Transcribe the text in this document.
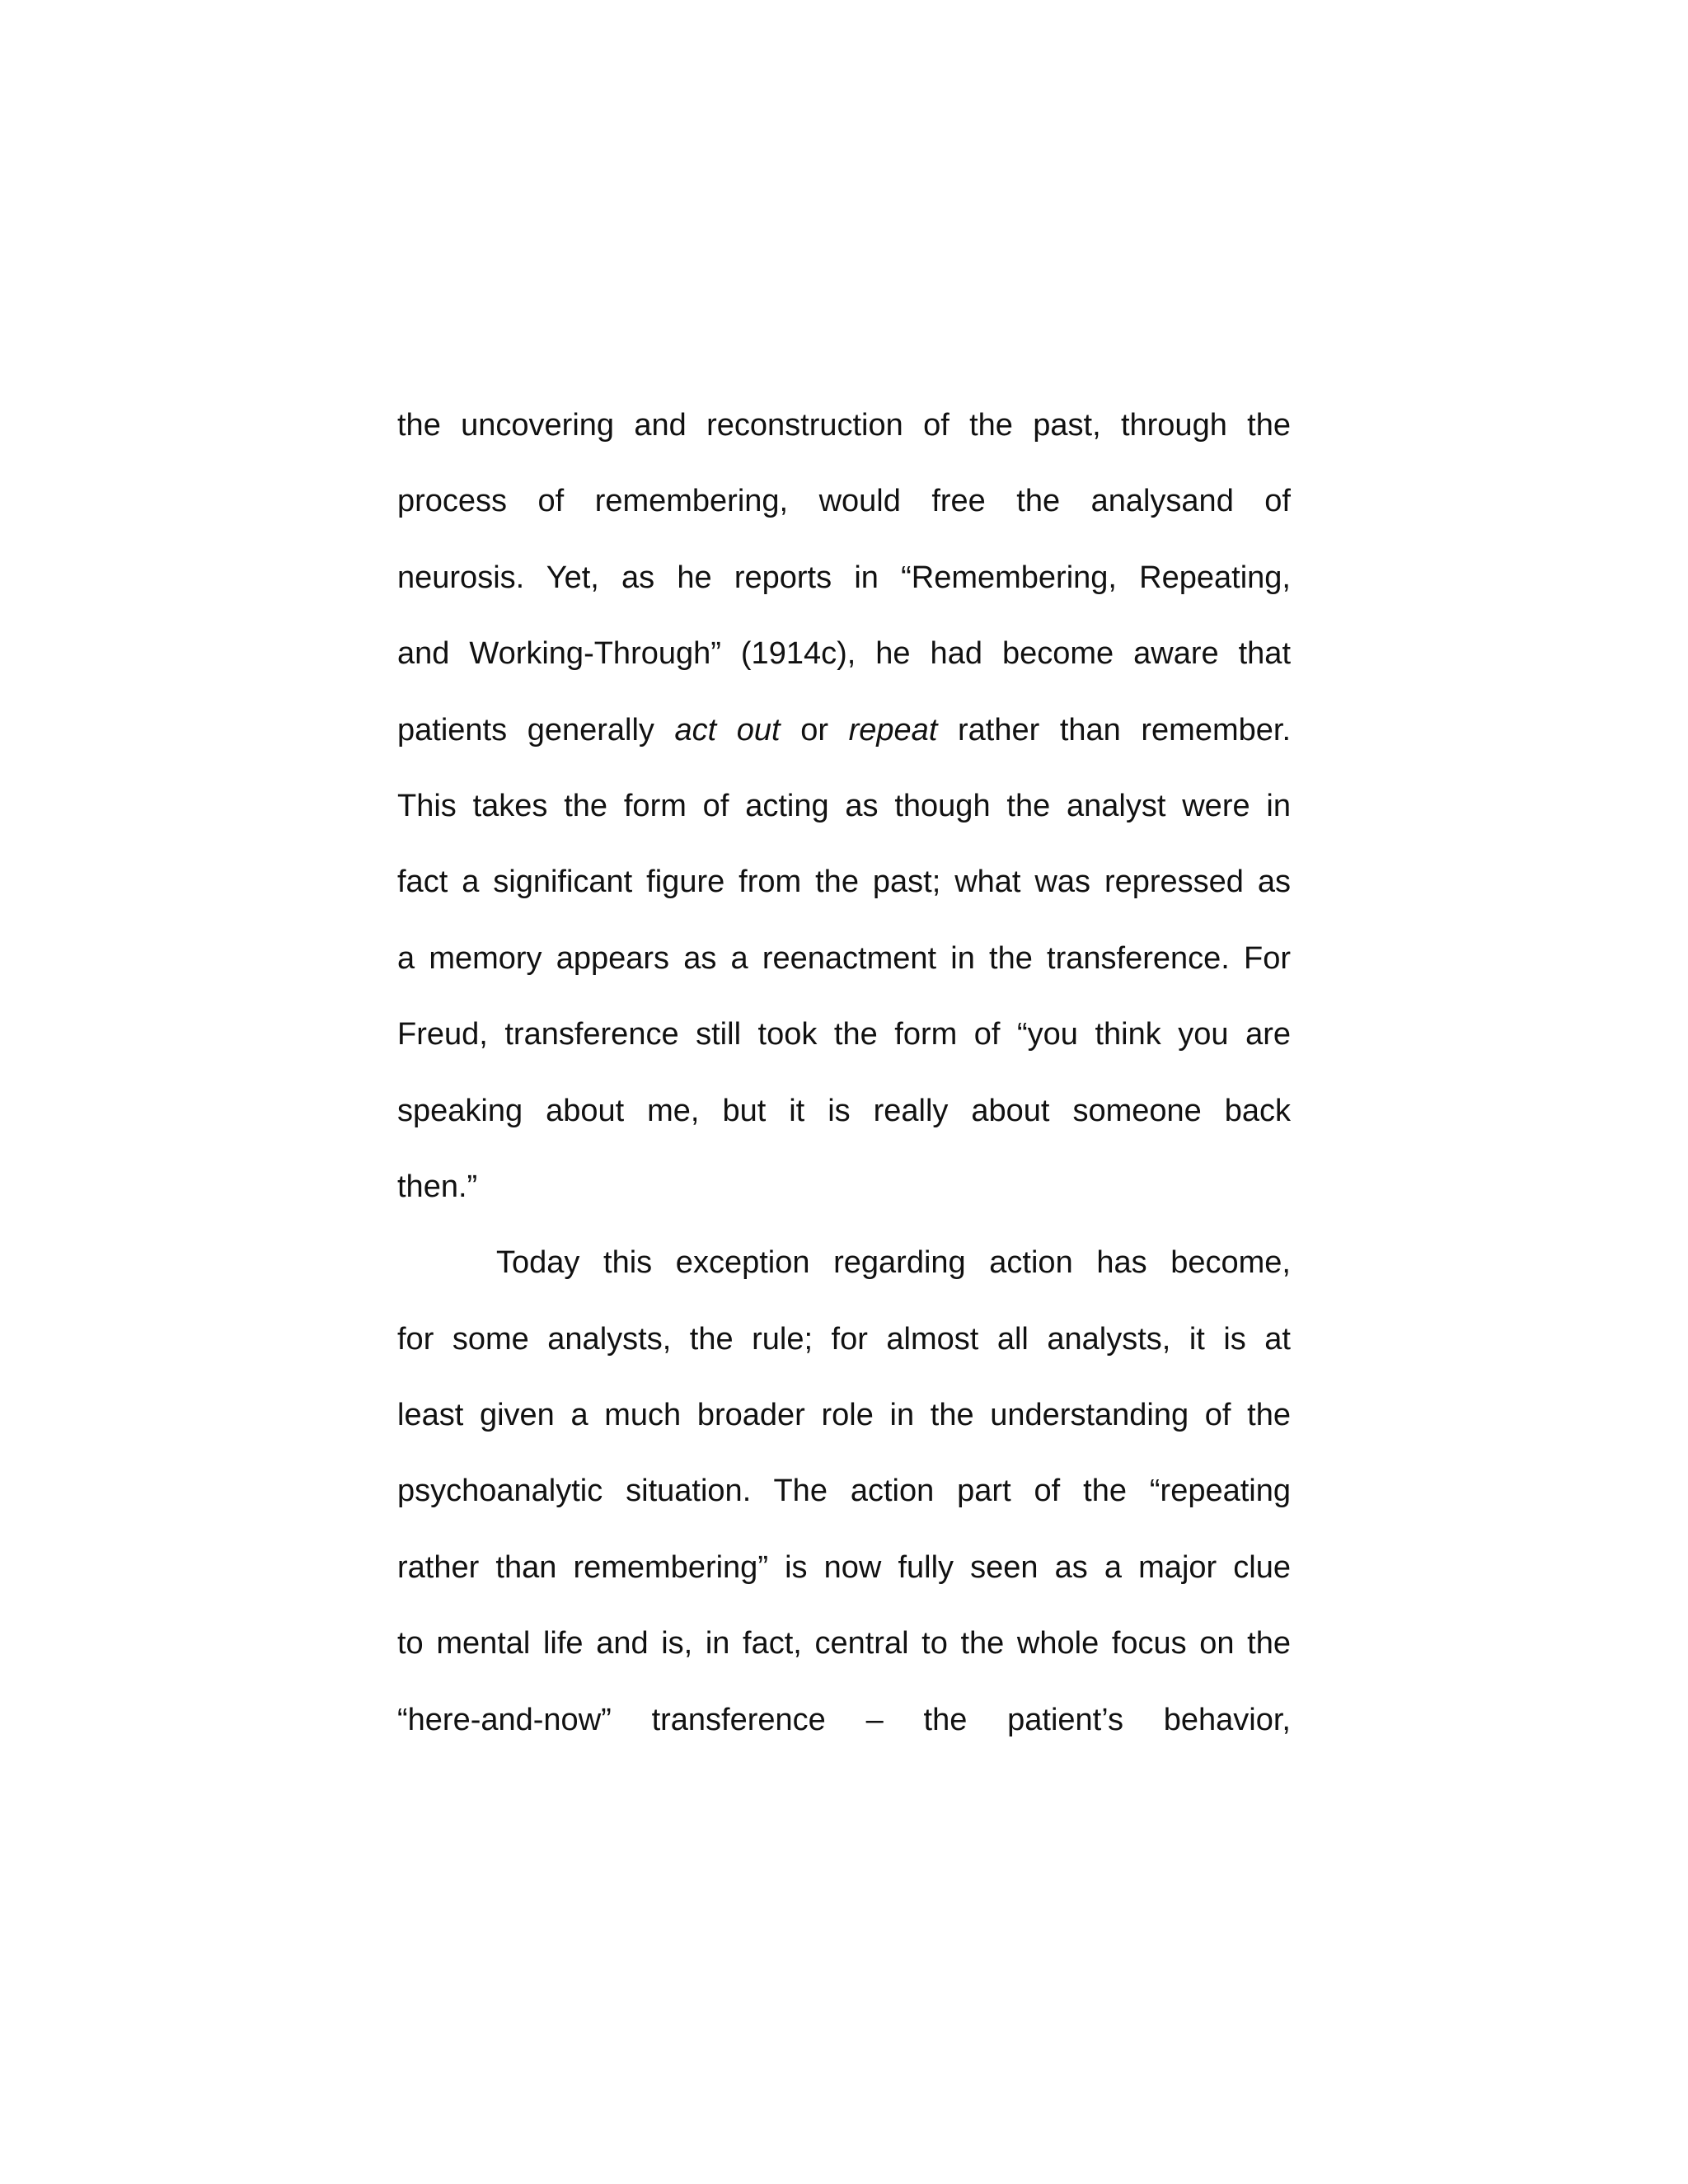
the uncovering and reconstruction of the past, through the
process of remembering, would free the analysand of
neurosis. Yet, as he reports in “Remembering, Repeating,
and Working-Through” (1914c), he had become aware that
patients generally act out or repeat rather than remember.
This takes the form of acting as though the analyst were in
fact a significant figure from the past; what was repressed as
a memory appears as a reenactment in the transference. For
Freud, transference still took the form of “you think you are
speaking about me, but it is really about someone back
then.”
Today this exception regarding action has become,
for some analysts, the rule; for almost all analysts, it is at
least given a much broader role in the understanding of the
psychoanalytic situation. The action part of the “repeating
rather than remembering” is now fully seen as a major clue
to mental life and is, in fact, central to the whole focus on the
“here-and-now” transference – the patient’s behavior,
